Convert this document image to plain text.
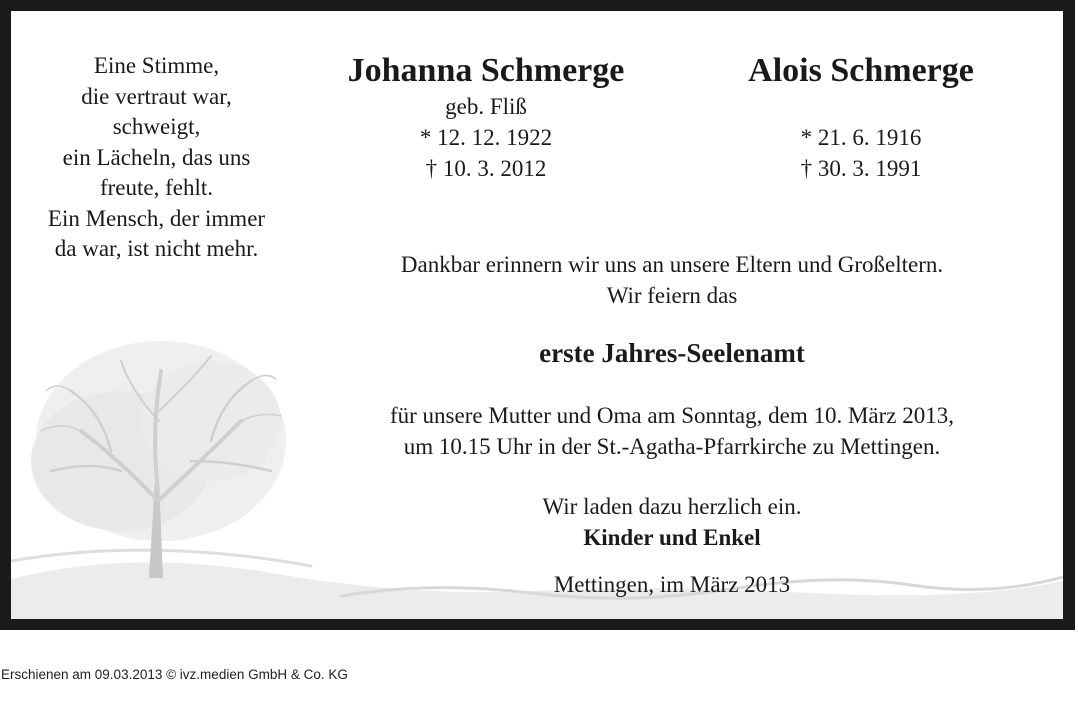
Eine Stimme,
die vertraut war,
schweigt,
ein Lächeln, das uns
freute, fehlt.
Ein Mensch, der immer
da war, ist nicht mehr.
Johanna Schmerge
geb. Fliß
* 12. 12. 1922
† 10. 3. 2012
Alois Schmerge

* 21. 6. 1916
† 30. 3. 1991
Dankbar erinnern wir uns an unsere Eltern und Großeltern.
Wir feiern das
erste Jahres-Seelenamt
für unsere Mutter und Oma am Sonntag, dem 10. März 2013,
um 10.15 Uhr in der St.-Agatha-Pfarrkirche zu Mettingen.
Wir laden dazu herzlich ein.
Kinder und Enkel
Mettingen, im März 2013
Erschienen am 09.03.2013 © ivz.medien GmbH & Co. KG
